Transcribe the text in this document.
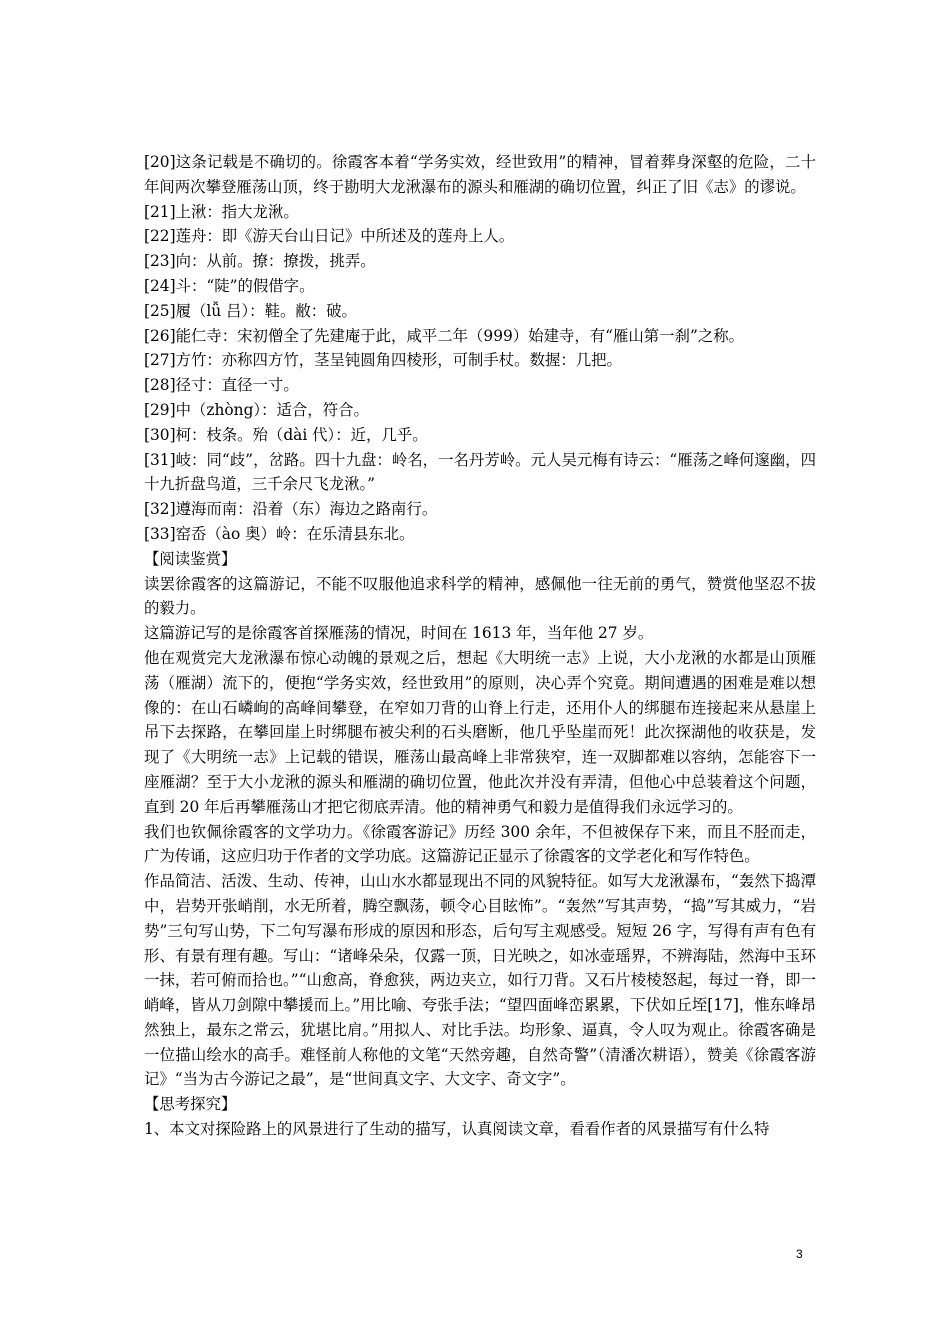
[20]这条记载是不确切的。徐霞客本着“学务实效，经世致用”的精神，冒着葬身深壑的危险，二十年间两次攀登雁荡山顶，终于勘明大龙湫瀑布的源头和雁湖的确切位置，纠正了旧《志》的谬说。

[21]上湫：指大龙湫。

[22]莲舟：即《游天台山日记》中所述及的莲舟上人。

[23]向：从前。撩：撩拨，挑弄。

[24]斗：“陡”的假借字。

[25]履（lǚ 吕）：鞋。敝：破。

[26]能仁寺：宋初僧全了先建庵于此，咸平二年（999）始建寺，有“雁山第一刹”之称。

[27]方竹：亦称四方竹，茎呈钝圆角四棱形，可制手杖。数握：几把。

[28]径寸：直径一寸。

[29]中（zhòng）：适合，符合。

[30]柯：枝条。殆（dài 代）：近，几乎。

[31]岐：同“歧”，岔路。四十九盘：岭名，一名丹芳岭。元人吴元梅有诗云：“雁荡之峰何邃幽，四十九折盘鸟道，三千余尺飞龙湫。”

[32]遵海而南：沿着（东）海边之路南行。

[33]窑岙（ào 奥）岭：在乐清县东北。

【阅读鉴赏】

读罢徐霞客的这篇游记，不能不叹服他追求科学的精神，感佩他一往无前的勇气，赞赏他坚忍不拔的毅力。

这篇游记写的是徐霞客首探雁荡的情况，时间在 1613 年，当年他 27 岁。

他在观赏完大龙湫瀑布惊心动魄的景观之后，想起《大明统一志》上说，大小龙湫的水都是山顶雁荡（雁湖）流下的，便抱“学务实效，经世致用”的原则，决心弄个究竟。期间遭遇的困难是难以想像的：在山石嶙峋的高峰间攀登，在窄如刀背的山脊上行走，还用仆人的绑腿布连接起来从悬崖上吊下去探路，在攀回崖上时绑腿布被尖利的石头磨断，他几乎坠崖而死！此次探湖他的收获是，发现了《大明统一志》上记载的错误，雁荡山最高峰上非常狭窄，连一双脚都难以容纳，怎能容下一座雁湖？至于大小龙湫的源头和雁湖的确切位置，他此次并没有弄清，但他心中总装着这个问题，直到 20 年后再攀雁荡山才把它彻底弄清。他的精神勇气和毅力是值得我们永远学习的。

我们也钦佩徐霞客的文学功力。《徐霞客游记》历经 300 余年，不但被保存下来，而且不胫而走，广为传诵，这应归功于作者的文学功底。这篇游记正显示了徐霞客的文学老化和写作特色。

作品简洁、活泼、生动、传神，山山水水都显现出不同的风貌特征。如写大龙湫瀑布，“轰然下捣潭中，岩势开张峭削，水无所着，腾空飘荡，顿令心目眩怖”。“轰然”写其声势，“捣”写其威力，“岩势”三句写山势，下二句写瀑布形成的原因和形态，后句写主观感受。短短 26 字，写得有声有色有形、有景有理有趣。写山：“诸峰朵朵，仅露一顶，日光映之，如冰壶瑶界，不辨海陆，然海中玉环一抹，若可俯而拾也。”“山愈高，脊愈狭，两边夹立，如行刀背。又石片棱棱怒起，每过一脊，即一峭峰，皆从刀剑隙中攀援而上。”用比喻、夸张手法；“望四面峰峦累累，下伏如丘垤[17]，惟东峰昂然独上，最东之常云，犹堪比肩。”用拟人、对比手法。均形象、逼真，令人叹为观止。徐霞客确是一位描山绘水的高手。难怪前人称他的文笔“天然旁趣，自然奇警”（清潘次耕语），赞美《徐霞客游记》“当为古今游记之最”，是“世间真文字、大文字、奇文字”。

【思考探究】

1、本文对探险路上的风景进行了生动的描写，认真阅读文章，看看作者的风景描写有什么特

3
